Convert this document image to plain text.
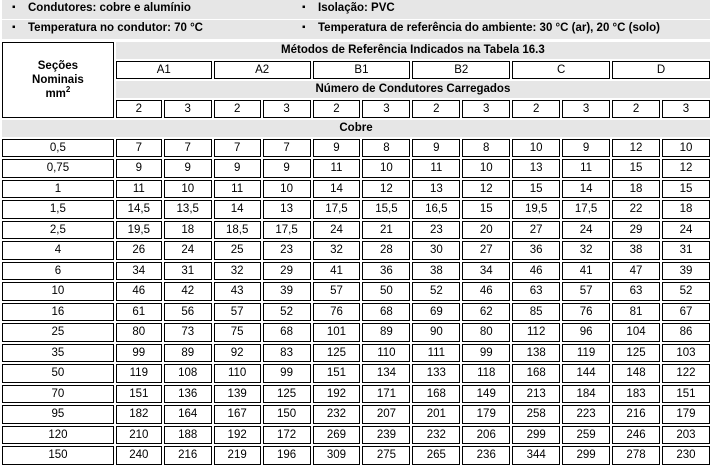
▪ Condutores: cobre e alumínio	▪ Isolação: PVC
▪ Temperatura no condutor: 70 °C	▪ Temperatura de referência do ambiente: 30 °C (ar), 20 °C (solo)
Seções
Nominais
$mm^2$	Métodos de Referência Indicados na Tabela 16.3											
	A1		A2		B1		B2		C		D	
	Número de Condutores Carregados											
	2	3	2	3	2	3	2	3	2	3	2	3
Cobre												
0,5	7	7	7	7	9	8	9	8	10	9	12	10
0,75	9	9	9	9	11	10	11	10	13	11	15	12
1	11	10	11	10	14	12	13	12	15	14	18	15
1,5	14,5	13,5	14	13	17,5	15,5	16,5	15	19,5	17,5	22	18
2,5	19,5	18	18,5	17,5	24	21	23	20	27	24	29	24
4	26	24	25	23	32	28	30	27	36	32	38	31
6	34	31	32	29	41	36	38	34	46	41	47	39
10	46	42	43	39	57	50	52	46	63	57	63	52
16	61	56	57	52	76	68	69	62	85	76	81	67
25	80	73	75	68	101	89	90	80	112	96	104	86
35	99	89	92	83	125	110	111	99	138	119	125	103
50	119	108	110	99	151	134	133	118	168	144	148	122
70	151	136	139	125	192	171	168	149	213	184	183	151
95	182	164	167	150	232	207	201	179	258	223	216	179
120	210	188	192	172	269	239	232	206	299	259	246	203
150	240	216	219	196	309	275	265	236	344	299	278	230
